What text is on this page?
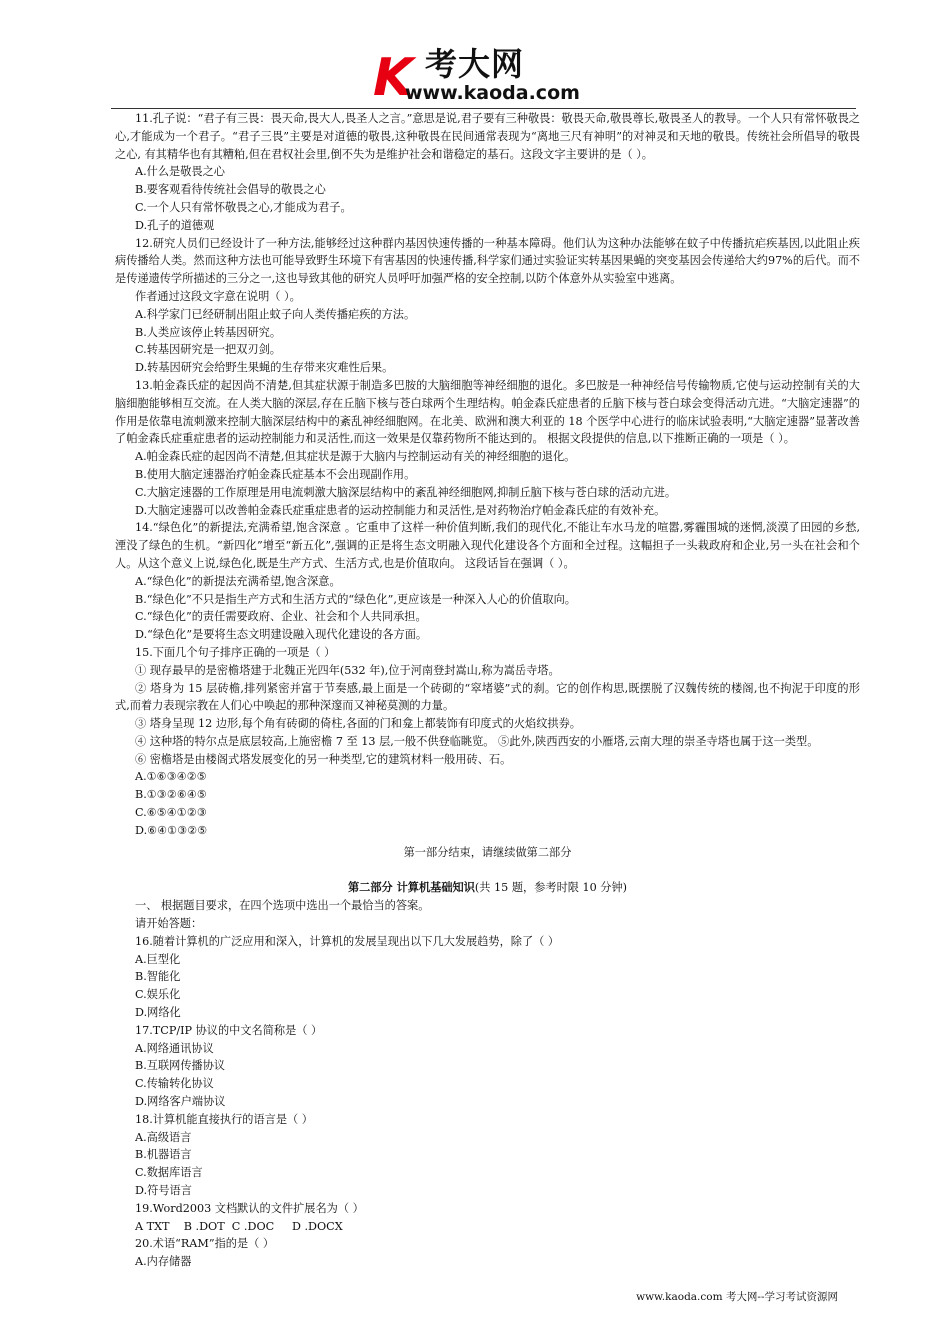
K 考大网
www.kaoda.com

11.孔子说：“君子有三畏：畏天命,畏大人,畏圣人之言。”意思是说,君子要有三种敬畏：敬畏天命,敬畏尊长,敬畏圣人的教导。一个人只有常怀敬畏之心,才能成为一个君子。“君子三畏”主要是对道德的敬畏,这种敬畏在民间通常表现为“离地三尺有神明”的对神灵和天地的敬畏。传统社会所倡导的敬畏之心, 有其精华也有其糟粕,但在君权社会里,倒不失为是维护社会和谐稳定的基石。这段文字主要讲的是（ ）。

A.什么是敬畏之心

B.要客观看待传统社会倡导的敬畏之心

C.一个人只有常怀敬畏之心,才能成为君子。

D.孔子的道德观

12.研究人员们已经设计了一种方法,能够经过这种群内基因快速传播的一种基本障碍。他们认为这种办法能够在蚊子中传播抗疟疾基因,以此阻止疾病传播给人类。然而这种方法也可能导致野生环境下有害基因的快速传播,科学家们通过实验证实转基因果蝇的突变基因会传递给大约97%的后代。而不是传递遗传学所描述的三分之一,这也导致其他的研究人员呼吁加强严格的安全控制,以防个体意外从实验室中逃离。

作者通过这段文字意在说明（ ）。

A.科学家门已经研制出阻止蚊子向人类传播疟疾的方法。

B.人类应该停止转基因研究。

C.转基因研究是一把双刃剑。

D.转基因研究会给野生果蝇的生存带来灾难性后果。

13.帕金森氏症的起因尚不清楚,但其症状源于制造多巴胺的大脑细胞等神经细胞的退化。多巴胺是一种神经信号传输物质,它使与运动控制有关的大脑细胞能够相互交流。在人类大脑的深层,存在丘脑下核与苍白球两个生理结构。帕金森氏症患者的丘脑下核与苍白球会变得活动亢进。“大脑定速器”的作用是依靠电流刺激来控制大脑深层结构中的紊乱神经细胞网。在北美、欧洲和澳大利亚的 18 个医学中心进行的临床试验表明,“大脑定速器”显著改善了帕金森氏症重症患者的运动控制能力和灵活性,而这一效果是仅靠药物所不能达到的。 根据文段提供的信息,以下推断正确的一项是（ ）。

A.帕金森氏症的起因尚不清楚,但其症状是源于大脑内与控制运动有关的神经细胞的退化。

B.使用大脑定速器治疗帕金森氏症基本不会出现副作用。

C.大脑定速器的工作原理是用电流刺激大脑深层结构中的紊乱神经细胞网,抑制丘脑下核与苍白球的活动亢进。

D.大脑定速器可以改善帕金森氏症重症患者的运动控制能力和灵活性,是对药物治疗帕金森氏症的有效补充。

14.“绿色化”的新提法,充满希望,饱含深意 。它重申了这样一种价值判断,我们的现代化,不能让车水马龙的喧嚣,雾霾围城的迷惘,淡漠了田园的乡愁,湮没了绿色的生机。“新四化”增至“新五化”,强调的正是将生态文明融入现代化建设各个方面和全过程。这幅担子一头栽政府和企业,另一头在社会和个人。从这个意义上说,绿色化,既是生产方式、生活方式,也是价值取向。 这段话旨在强调（ ）。

A.“绿色化”的新提法充满希望,饱含深意。

B.“绿色化”不只是指生产方式和生活方式的“绿色化”,更应该是一种深入人心的价值取向。

C.“绿色化”的责任需要政府、企业、社会和个人共同承担。

D.“绿色化”是要将生态文明建设融入现代化建设的各方面。

15.下面几个句子排序正确的一项是（ ）

① 现存最早的是密檐塔建于北魏正光四年(532 年),位于河南登封嵩山,称为嵩岳寺塔。

② 塔身为 15 层砖檐,排列紧密并富于节奏感,最上面是一个砖砌的“窣堵婆”式的刹。它的创作构思,既摆脱了汉魏传统的楼阁,也不拘泥于印度的形式,而着力表现宗教在人们心中唤起的那种深邃而又神秘莫测的力量。

③ 塔身呈现 12 边形,每个角有砖砌的倚柱,各面的门和龛上都装饰有印度式的火焰纹拱券。

④ 这种塔的特尔点是底层较高,上施密檐 7 至 13 层,一般不供登临眺览。 ⑤此外,陕西西安的小雁塔,云南大理的崇圣寺塔也属于这一类型。

⑥ 密檐塔是由楼阁式塔发展变化的另一种类型,它的建筑材料一般用砖、石。

A.①⑥③④②⑤

B.①③②⑥④⑤

C.⑥⑤④①②③

D.⑥④①③②⑤

第一部分结束，请继续做第二部分

第二部分 计算机基础知识(共 15 题，参考时限 10 分钟)

一、 根据题目要求，在四个选项中选出一个最恰当的答案。

请开始答题：

16.随着计算机的广泛应用和深入，计算机的发展呈现出以下几大发展趋势，除了（ ）

A.巨型化

B.智能化

C.娱乐化

D.网络化

17.TCP/IP 协议的中文名简称是（ ）

A.网络通讯协议

B.互联网传播协议

C.传输转化协议

D.网络客户端协议

18.计算机能直接执行的语言是（ ）

A.高级语言

B.机器语言

C.数据库语言

D.符号语言

19.Word2003 文档默认的文件扩展名为（ ）

A TXT    B .DOT  C .DOC     D .DOCX

20.术语“RAM”指的是（ ）

A.内存储器

www.kaoda.com 考大网--学习考试资源网
